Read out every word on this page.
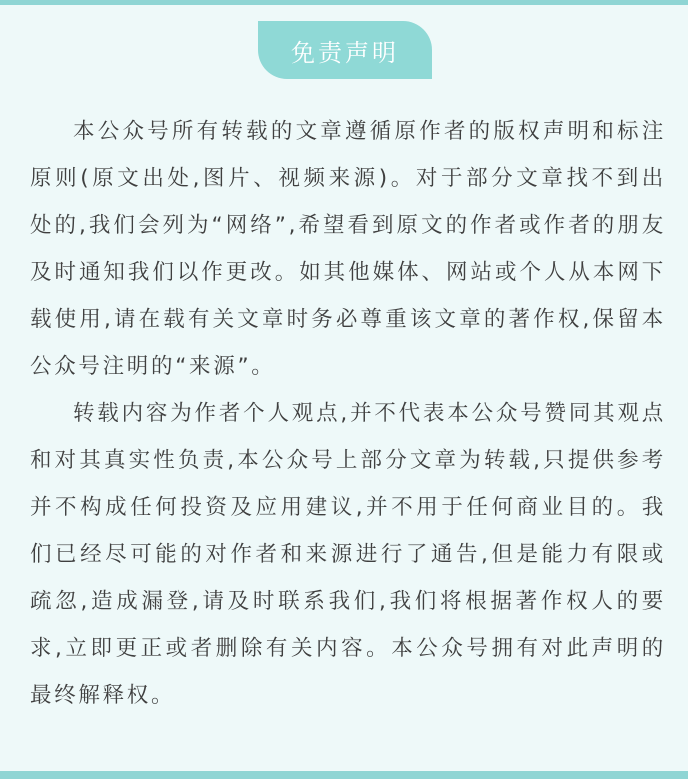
免责声明

本公众号所有转载的文章遵循原作者的版权声明和标注原则(原文出处,图片、视频来源)。对于部分文章找不到出处的,我们会列为“网络”,希望看到原文的作者或作者的朋友及时通知我们以作更改。如其他媒体、网站或个人从本网下载使用,请在载有关文章时务必尊重该文章的著作权,保留本公众号注明的“来源”。

转载内容为作者个人观点,并不代表本公众号赞同其观点和对其真实性负责,本公众号上部分文章为转载,只提供参考并不构成任何投资及应用建议,并不用于任何商业目的。我们已经尽可能的对作者和来源进行了通告,但是能力有限或疏忽,造成漏登,请及时联系我们,我们将根据著作权人的要求,立即更正或者删除有关内容。本公众号拥有对此声明的最终解释权。
